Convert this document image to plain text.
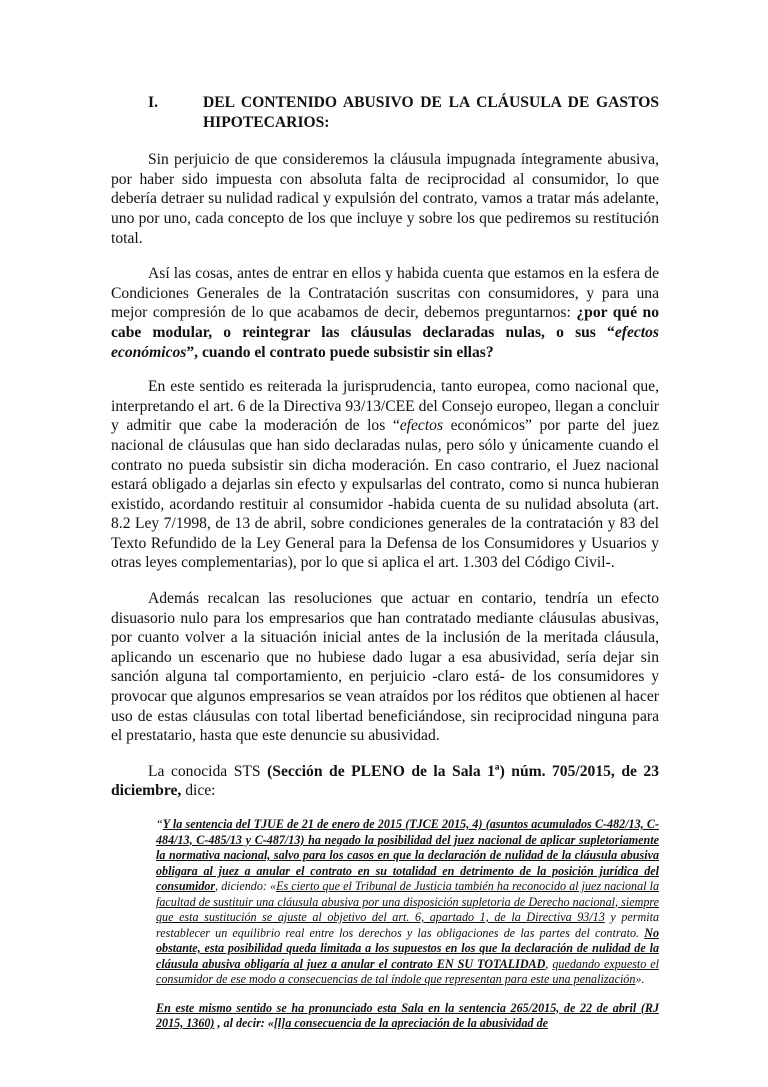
I.	DEL CONTENIDO ABUSIVO DE LA CLÁUSULA DE GASTOS HIPOTECARIOS:

Sin perjuicio de que consideremos la cláusula impugnada íntegramente abusiva, por haber sido impuesta con absoluta falta de reciprocidad al consumidor, lo que debería detraer su nulidad radical y expulsión del contrato, vamos a tratar más adelante, uno por uno, cada concepto de los que incluye y sobre los que pediremos su restitución total.

Así las cosas, antes de entrar en ellos y habida cuenta que estamos en la esfera de Condiciones Generales de la Contratación suscritas con consumidores, y para una mejor compresión de lo que acabamos de decir, debemos preguntarnos: ¿por qué no cabe modular, o reintegrar las cláusulas declaradas nulas, o sus “efectos económicos”, cuando el contrato puede subsistir sin ellas?

En este sentido es reiterada la jurisprudencia, tanto europea, como nacional que, interpretando el art. 6 de la Directiva 93/13/CEE del Consejo europeo, llegan a concluir y admitir que cabe la moderación de los “efectos económicos” por parte del juez nacional de cláusulas que han sido declaradas nulas, pero sólo y únicamente cuando el contrato no pueda subsistir sin dicha moderación. En caso contrario, el Juez nacional estará obligado a dejarlas sin efecto y expulsarlas del contrato, como si nunca hubieran existido, acordando restituir al consumidor -habida cuenta de su nulidad absoluta (art. 8.2 Ley 7/1998, de 13 de abril, sobre condiciones generales de la contratación y 83 del Texto Refundido de la Ley General para la Defensa de los Consumidores y Usuarios y otras leyes complementarias), por lo que si aplica el art. 1.303 del Código Civil-.

Además recalcan las resoluciones que actuar en contario, tendría un efecto disuasorio nulo para los empresarios que han contratado mediante cláusulas abusivas, por cuanto volver a la situación inicial antes de la inclusión de la meritada cláusula, aplicando un escenario que no hubiese dado lugar a esa abusividad, sería dejar sin sanción alguna tal comportamiento, en perjuicio -claro está- de los consumidores y provocar que algunos empresarios se vean atraídos por los réditos que obtienen al hacer uso de estas cláusulas con total libertad beneficiándose, sin reciprocidad ninguna para el prestatario, hasta que este denuncie su abusividad.

La conocida STS (Sección de PLENO de la Sala 1ª) núm. 705/2015, de 23 diciembre, dice:

“Y la sentencia del TJUE de 21 de enero de 2015 (TJCE 2015, 4) (asuntos acumulados C-482/13, C-484/13, C-485/13 y C-487/13) ha negado la posibilidad del juez nacional de aplicar supletoriamente la normativa nacional, salvo para los casos en que la declaración de nulidad de la cláusula abusiva obligara al juez a anular el contrato en su totalidad en detrimento de la posición jurídica del consumidor, diciendo: «Es cierto que el Tribunal de Justicia también ha reconocido al juez nacional la facultad de sustituir una cláusula abusiva por una disposición supletoria de Derecho nacional, siempre que esta sustitución se ajuste al objetivo del art. 6, apartado 1, de la Directiva 93/13 y permita restablecer un equilibrio real entre los derechos y las obligaciones de las partes del contrato. No obstante, esta posibilidad queda limitada a los supuestos en los que la declaración de nulidad de la cláusula abusiva obligaría al juez a anular el contrato EN SU TOTALIDAD, quedando expuesto el consumidor de ese modo a consecuencias de tal índole que representan para este una penalización».

En este mismo sentido se ha pronunciado esta Sala en la sentencia 265/2015, de 22 de abril (RJ 2015, 1360) , al decir: «[l]a consecuencia de la apreciación de la abusividad de
